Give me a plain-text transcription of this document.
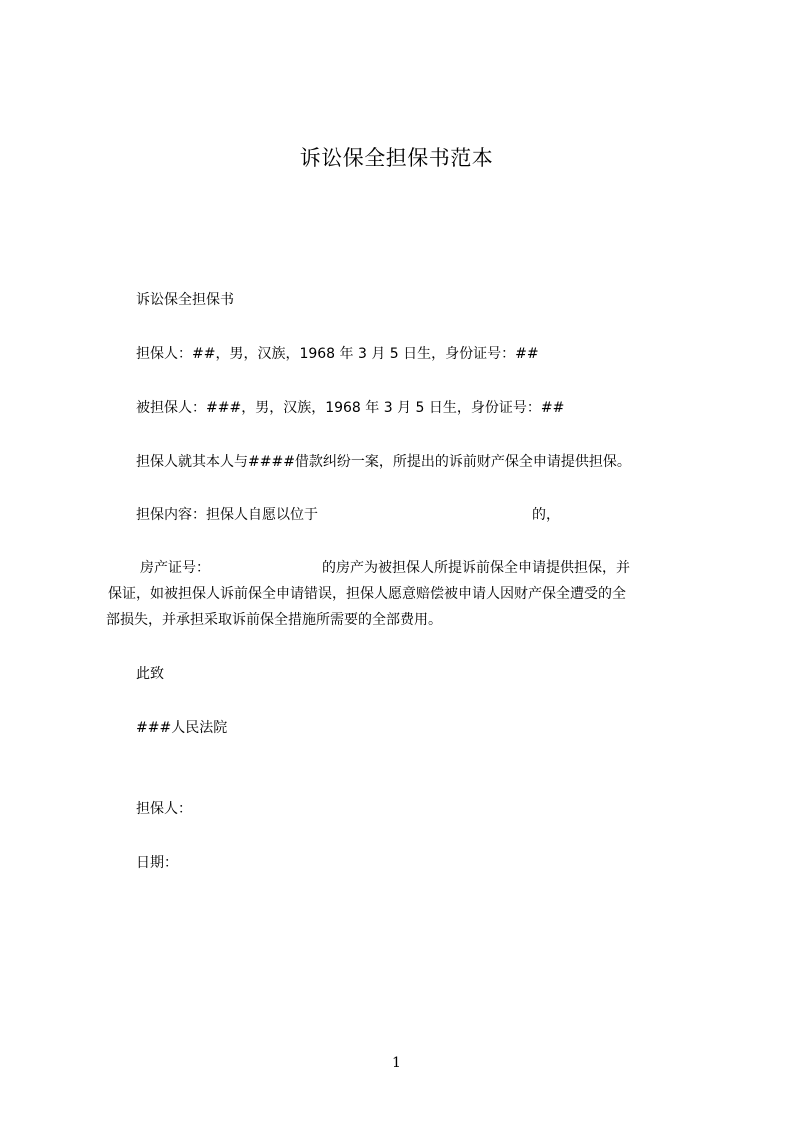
诉讼保全担保书范本
诉讼保全担保书
担保人：##，男，汉族，1968 年 3 月 5 日生，身份证号：##
被担保人：###，男，汉族，1968 年 3 月 5 日生，身份证号：##
担保人就其本人与####借款纠纷一案，所提出的诉前财产保全申请提供担保。
担保内容：担保人自愿以位于	的，
房产证号：	的房产为被担保人所提诉前保全申请提供担保，并
保证，如被担保人诉前保全申请错误，担保人愿意赔偿被申请人因财产保全遭受的全
部损失，并承担采取诉前保全措施所需要的全部费用。
此致
###人民法院
担保人：
日期：
1
